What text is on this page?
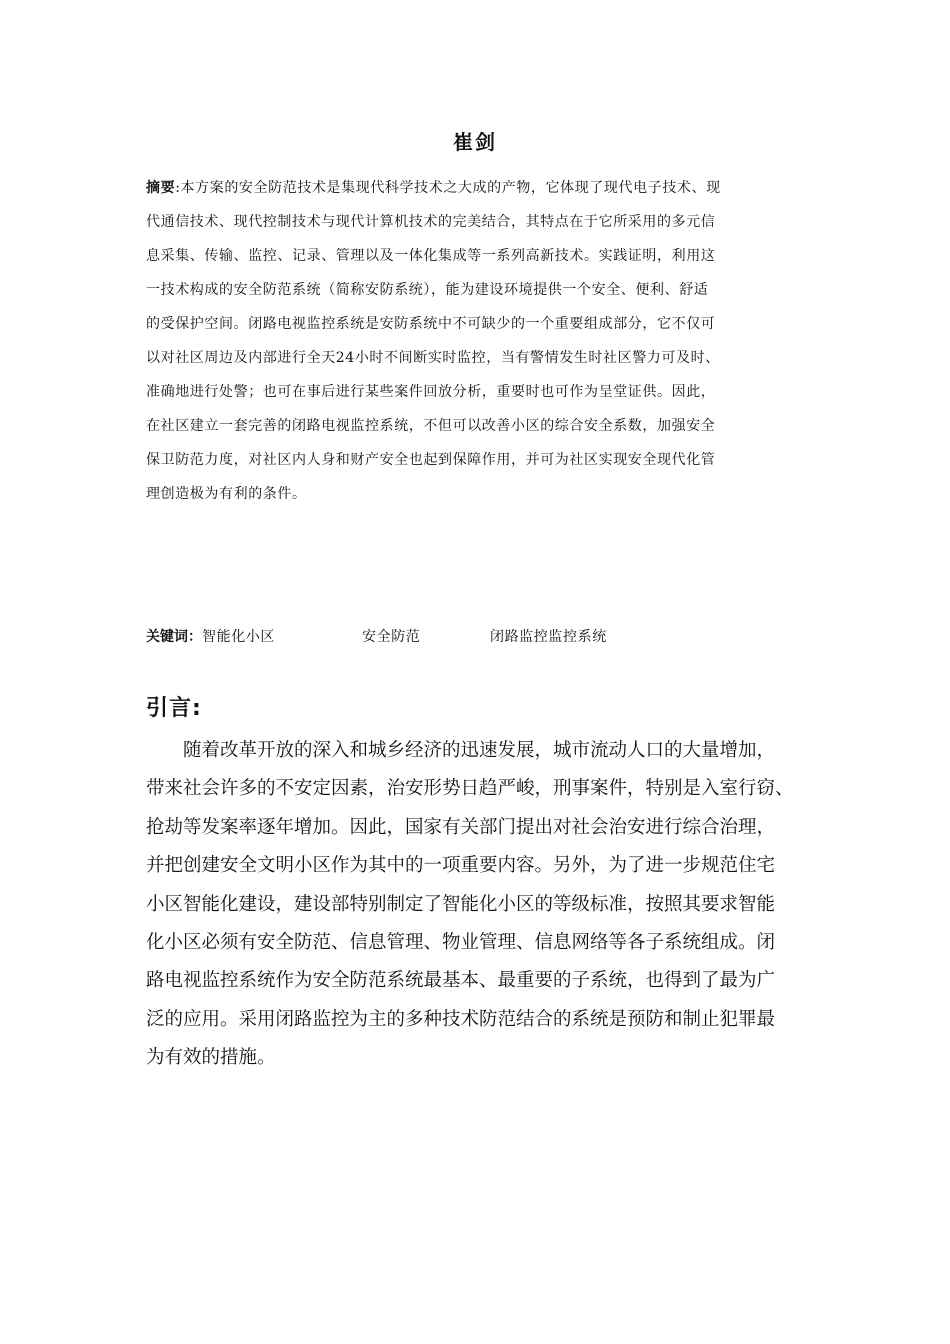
崔剑
摘要:本方案的安全防范技术是集现代科学技术之大成的产物，它体现了现代电子技术、现
代通信技术、现代控制技术与现代计算机技术的完美结合，其特点在于它所采用的多元信
息采集、传输、监控、记录、管理以及一体化集成等一系列高新技术。实践证明，利用这
一技术构成的安全防范系统（简称安防系统），能为建设环境提供一个安全、便利、舒适
的受保护空间。闭路电视监控系统是安防系统中不可缺少的一个重要组成部分，它不仅可
以对社区周边及内部进行全天24小时不间断实时监控，当有警情发生时社区警力可及时、
准确地进行处警；也可在事后进行某些案件回放分析，重要时也可作为呈堂证供。因此，
在社区建立一套完善的闭路电视监控系统，不但可以改善小区的综合安全系数，加强安全
保卫防范力度，对社区内人身和财产安全也起到保障作用，并可为社区实现安全现代化管
理创造极为有利的条件。
关键词：智能化小区	安全防范	闭路监控监控系统
引言:
随着改革开放的深入和城乡经济的迅速发展，城市流动人口的大量增加，
带来社会许多的不安定因素，治安形势日趋严峻，刑事案件，特别是入室行窃、
抢劫等发案率逐年增加。因此，国家有关部门提出对社会治安进行综合治理，
并把创建安全文明小区作为其中的一项重要内容。另外，为了进一步规范住宅
小区智能化建设，建设部特别制定了智能化小区的等级标准，按照其要求智能
化小区必须有安全防范、信息管理、物业管理、信息网络等各子系统组成。闭
路电视监控系统作为安全防范系统最基本、最重要的子系统，也得到了最为广
泛的应用。采用闭路监控为主的多种技术防范结合的系统是预防和制止犯罪最
为有效的措施。
